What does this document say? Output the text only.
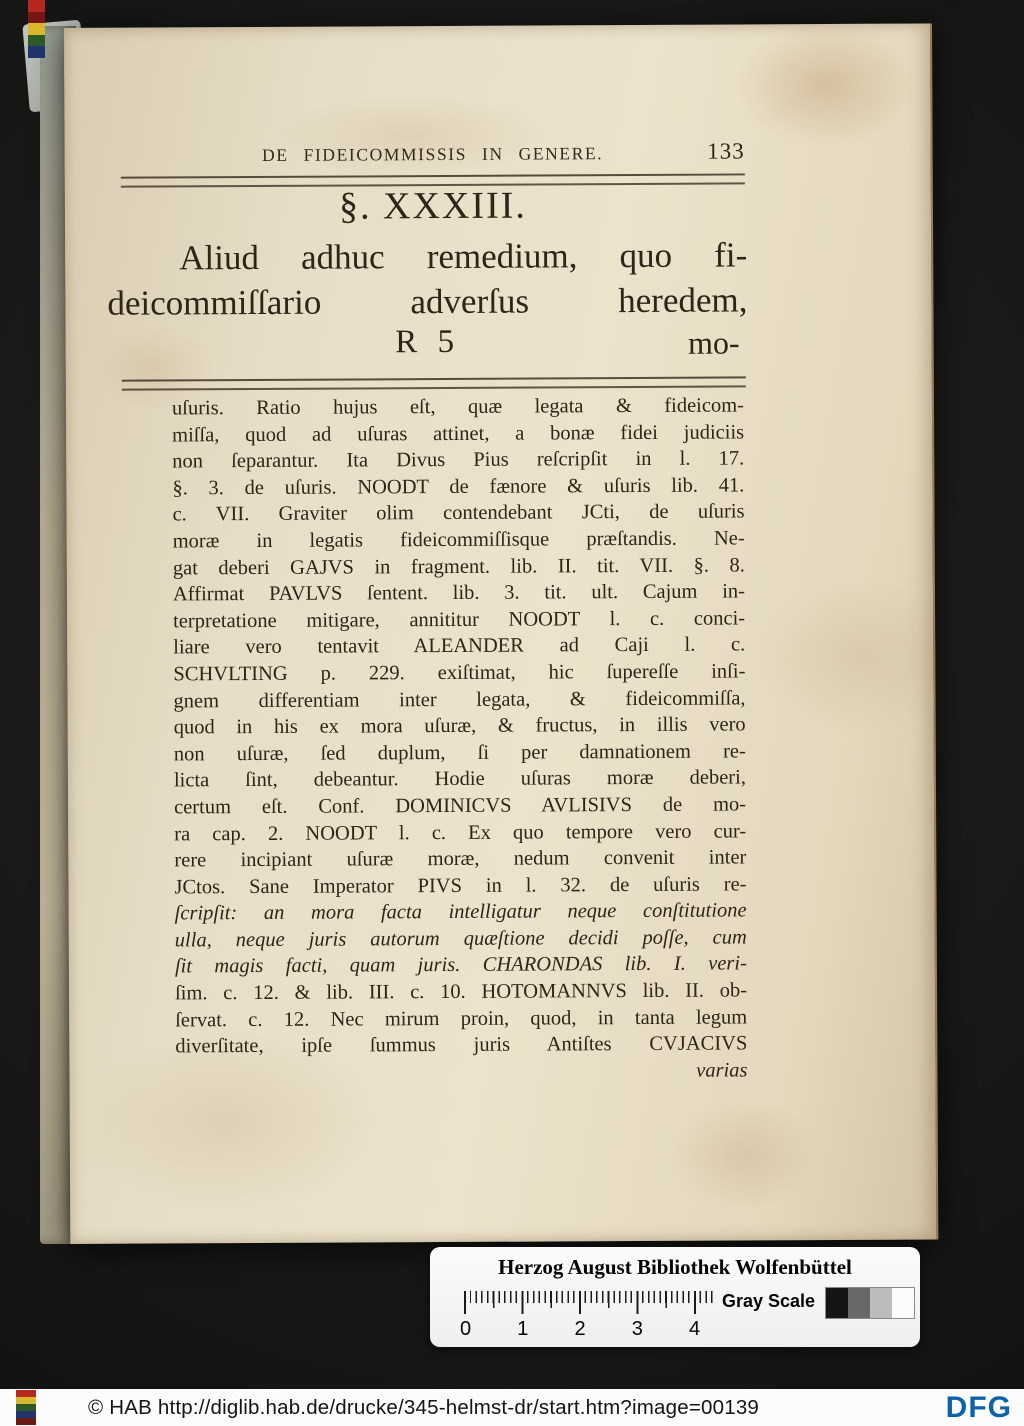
DE FIDEICOMMISSIS IN GENERE.	133
§. XXXIII.
Aliud adhuc remedium, quo fi-
deicommiſſario adverſus heredem,
R 5	mo-
uſuris. Ratio hujus eſt, quæ legata & fideicom-
miſſa, quod ad uſuras attinet, a bonæ fidei judiciis
non ſeparantur. Ita Divus Pius reſcripſit in l. 17.
§. 3. de uſuris. NOODT de fænore & uſuris lib. 41.
c. VII. Graviter olim contendebant JCti, de uſuris
moræ in legatis fideicommiſſisque præſtandis. Ne-
gat deberi GAJVS in fragment. lib. II. tit. VII. §. 8.
Affirmat PAVLVS ſentent. lib. 3. tit. ult. Cajum in-
terpretatione mitigare, annititur NOODT l. c. conci-
liare vero tentavit ALEANDER ad Caji l. c.
SCHVLTING p. 229. exiſtimat, hic ſupereſſe inſi-
gnem differentiam inter legata, & fideicommiſſa,
quod in his ex mora uſuræ, & fructus, in illis vero
non uſuræ, ſed duplum, ſi per damnationem re-
licta ſint, debeantur. Hodie uſuras moræ deberi,
certum eſt. Conf. DOMINICVS AVLISIVS de mo-
ra cap. 2. NOODT l. c. Ex quo tempore vero cur-
rere incipiant uſuræ moræ, nedum convenit inter
JCtos. Sane Imperator PIVS in l. 32. de uſuris re-
ſcripſit: an mora facta intelligatur neque conſtitutione
ulla, neque juris autorum quæſtione decidi poſſe, cum
ſit magis facti, quam juris. CHARONDAS lib. I. veri-
ſim. c. 12. & lib. III. c. 10. HOTOMANNVS lib. II. ob-
ſervat. c. 12. Nec mirum proin, quod, in tanta legum
diverſitate, ipſe ſummus juris Antiſtes CVJACIVS
varias
Herzog August Bibliothek Wolfenbüttel
0 1 2 3 4
Gray Scale
© HAB http://diglib.hab.de/drucke/345-helmst-dr/start.htm?image=00139	DFG
